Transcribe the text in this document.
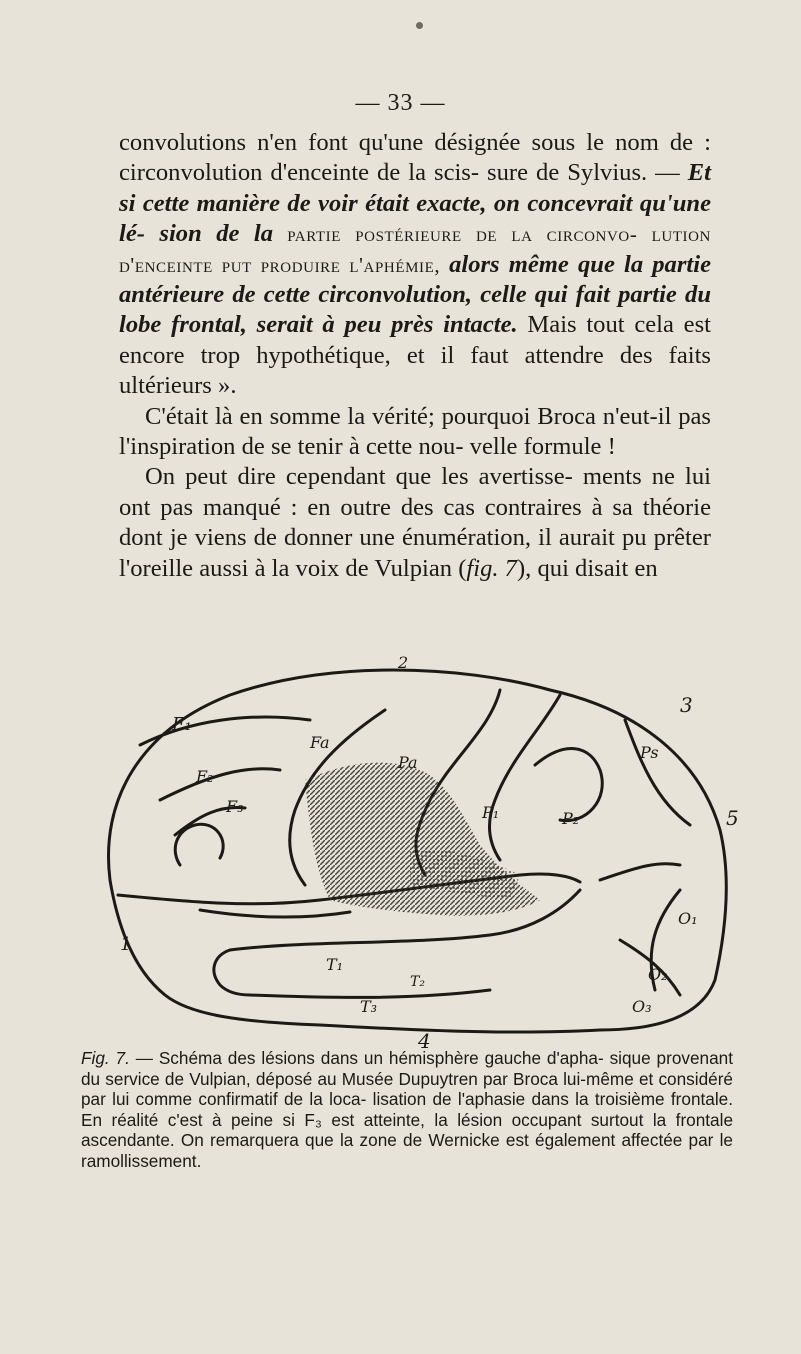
— 33 —

convolutions n'en font qu'une désignée sous le nom de : circonvolution d'enceinte de la scis- sure de Sylvius. — Et si cette manière de voir était exacte, on concevrait qu'une lé- sion de la partie postérieure de la circonvo- lution d'enceinte put produire l'aphémie, alors même que la partie antérieure de cette circonvolution, celle qui fait partie du lobe frontal, serait à peu près intacte. Mais tout cela est encore trop hypothétique, et il faut attendre des faits ultérieurs ».

C'était là en somme la vérité; pourquoi Broca n'eut-il pas l'inspiration de se tenir à cette nou- velle formule !

On peut dire cependant que les avertisse- ments ne lui ont pas manqué : en outre des cas contraires à sa théorie dont je viens de donner une énumération, il aurait pu prêter l'oreille aussi à la voix de Vulpian (fig. 7), qui disait en

2
3
5
4
1
F₁
F₂
F₃
Fa
Pa
P₁	P₂
Ps
O₁
O₂
O₃
T₁
T₂
T₃
Fig. 7. — Schéma des lésions dans un hémisphère gauche d'apha- sique provenant du service de Vulpian, déposé au Musée Dupuytren par Broca lui-même et considéré par lui comme confirmatif de la loca- lisation de l'aphasie dans la troisième frontale. En réalité c'est à peine si F₃ est atteinte, la lésion occupant surtout la frontale ascendante. On remarquera que la zone de Wernicke est également affectée par le ramollissement.
